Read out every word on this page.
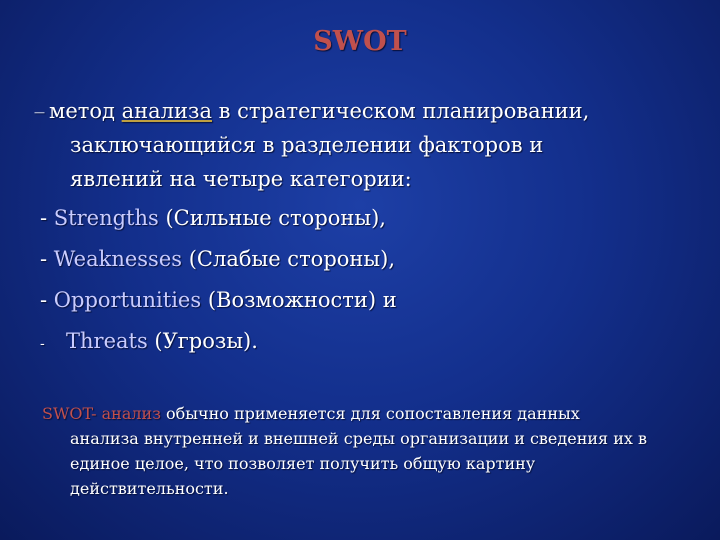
SWOT
— метод анализа в стратегическом планировании,
заключающийся в разделении факторов и
явлений на четыре категории:
- Strengths (Сильные стороны),
- Weaknesses (Слабые стороны),
- Opportunities (Возможности) и
- Threats (Угрозы).
SWOT- анализ обычно применяется для сопоставления данных
анализа внутренней и внешней среды организации и сведения их в
единое целое, что позволяет получить общую картину
действительности.
